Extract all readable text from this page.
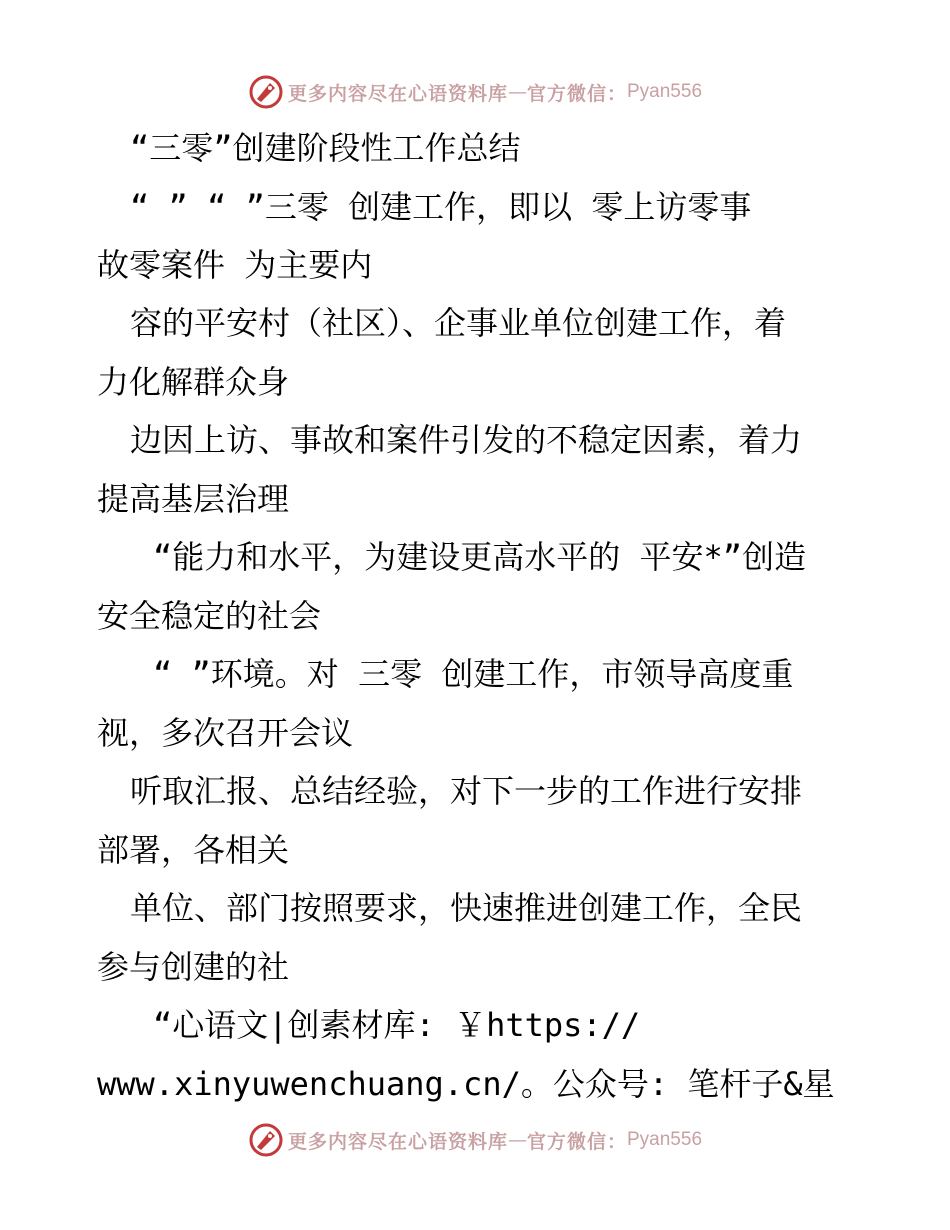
更多内容尽在心语资料库 — 官方微信： Pyan556
“三零”创建阶段性工作总结
“ ” “ ”三零 创建工作，即以 零上访零事
故零案件 为主要内
容的平安村（社区）、企事业单位创建工作，着
力化解群众身
边因上访、事故和案件引发的不稳定因素，着力
提高基层治理
“能力和水平，为建设更高水平的 平安*”创造
安全稳定的社会
“ ”环境。对 三零 创建工作，市领导高度重
视，多次召开会议
听取汇报、总结经验，对下一步的工作进行安排
部署，各相关
单位、部门按照要求，快速推进创建工作，全民
参与创建的社
“心语文|创素材库: ￥https://
www.xinyuwenchuang.cn/。公众号: 笔杆子&星
更多内容尽在心语资料库 — 官方微信： Pyan556
